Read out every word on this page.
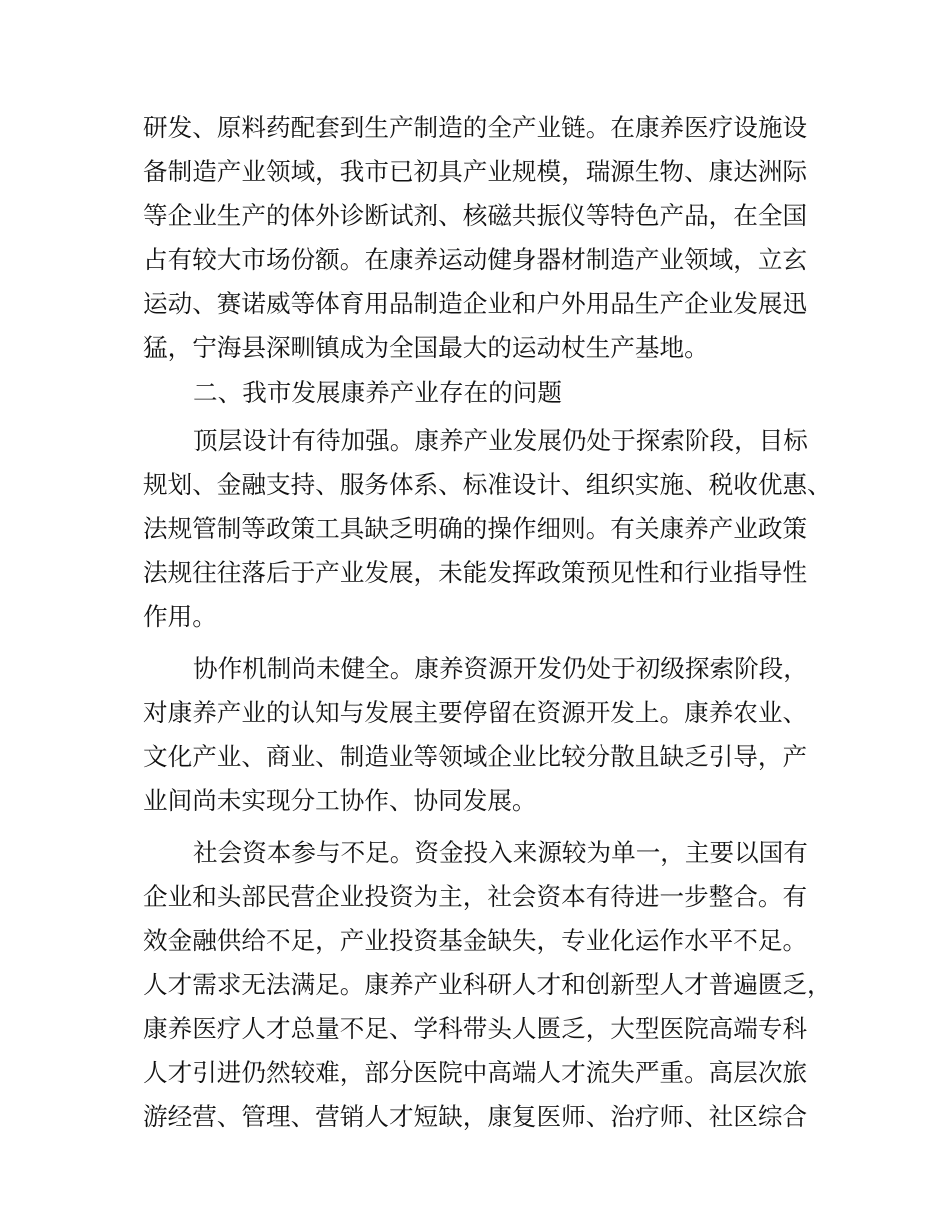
研发、原料药配套到生产制造的全产业链。在康养医疗设施设
备制造产业领域，我市已初具产业规模，瑞源生物、康达洲际
等企业生产的体外诊断试剂、核磁共振仪等特色产品，在全国
占有较大市场份额。在康养运动健身器材制造产业领域，立玄
运动、赛诺威等体育用品制造企业和户外用品生产企业发展迅
猛，宁海县深甽镇成为全国最大的运动杖生产基地。
二、我市发展康养产业存在的问题
顶层设计有待加强。康养产业发展仍处于探索阶段，目标
规划、金融支持、服务体系、标准设计、组织实施、税收优惠、
法规管制等政策工具缺乏明确的操作细则。有关康养产业政策
法规往往落后于产业发展，未能发挥政策预见性和行业指导性
作用。
协作机制尚未健全。康养资源开发仍处于初级探索阶段，
对康养产业的认知与发展主要停留在资源开发上。康养农业、
文化产业、商业、制造业等领域企业比较分散且缺乏引导，产
业间尚未实现分工协作、协同发展。
社会资本参与不足。资金投入来源较为单一，主要以国有
企业和头部民营企业投资为主，社会资本有待进一步整合。有
效金融供给不足，产业投资基金缺失，专业化运作水平不足。
人才需求无法满足。康养产业科研人才和创新型人才普遍匮乏，
康养医疗人才总量不足、学科带头人匮乏，大型医院高端专科
人才引进仍然较难，部分医院中高端人才流失严重。高层次旅
游经营、管理、营销人才短缺，康复医师、治疗师、社区综合
